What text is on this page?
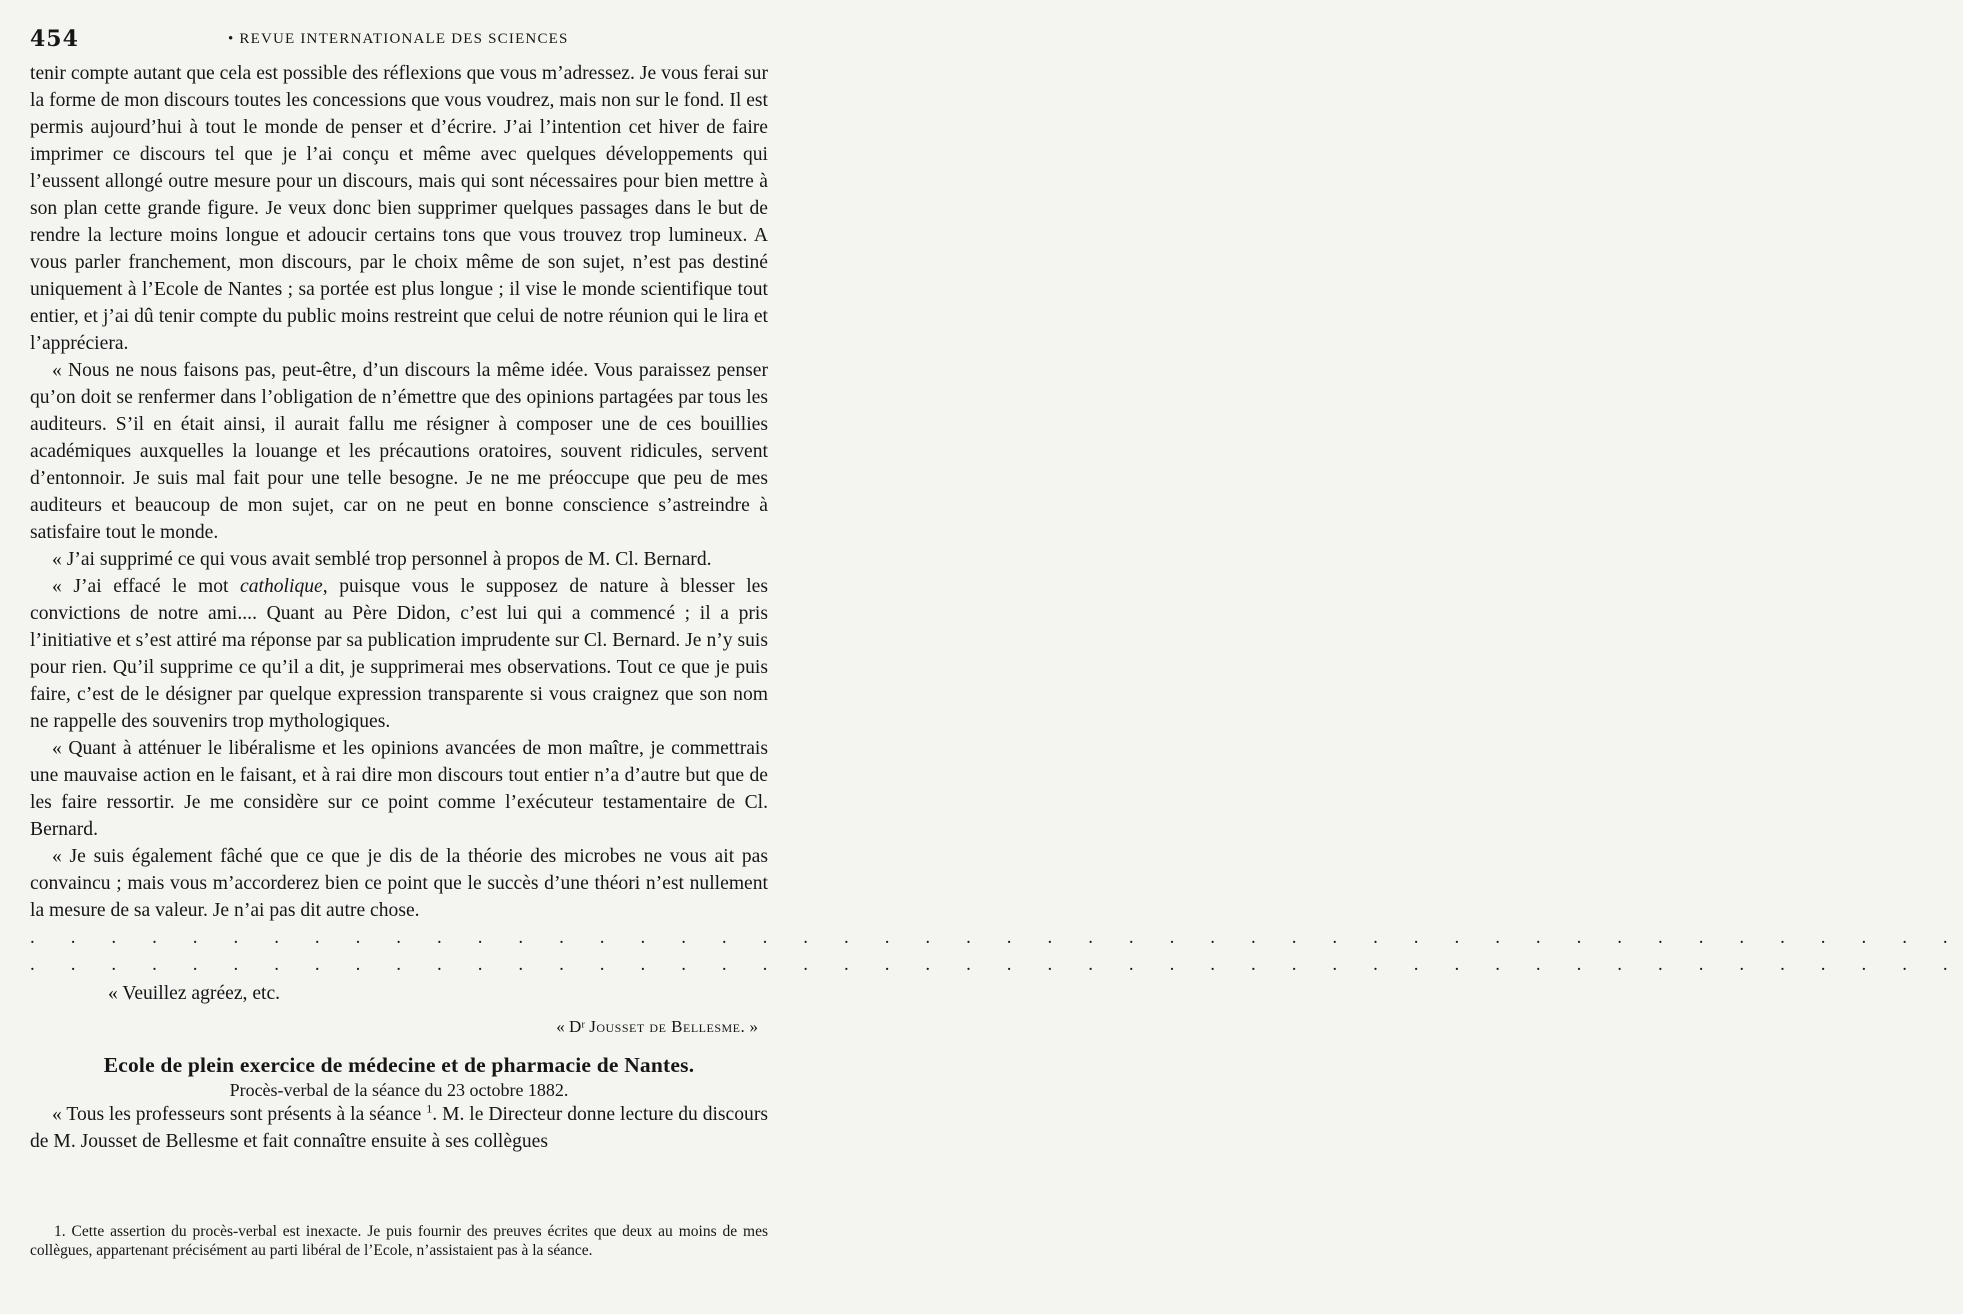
454	• REVUE INTERNATIONALE DES SCIENCES

tenir compte autant que cela est possible des réflexions que vous m’adressez. Je vous ferai sur la forme de mon discours toutes les concessions que vous voudrez, mais non sur le fond. Il est permis aujourd’hui à tout le monde de penser et d’écrire. J’ai l’intention cet hiver de faire imprimer ce discours tel que je l’ai conçu et même avec quelques développements qui l’eussent allongé outre mesure pour un discours, mais qui sont nécessaires pour bien mettre à son plan cette grande figure. Je veux donc bien supprimer quelques passages dans le but de rendre la lecture moins longue et adoucir certains tons que vous trouvez trop lumineux. A vous parler franchement, mon discours, par le choix même de son sujet, n’est pas destiné uniquement à l’Ecole de Nantes ; sa portée est plus longue ; il vise le monde scientifique tout entier, et j’ai dû tenir compte du public moins restreint que celui de notre réunion qui le lira et l’appréciera.

« Nous ne nous faisons pas, peut-être, d’un discours la même idée. Vous paraissez penser qu’on doit se renfermer dans l’obligation de n’émettre que des opinions partagées par tous les auditeurs. S’il en était ainsi, il aurait fallu me résigner à composer une de ces bouillies académiques auxquelles la louange et les précautions oratoires, souvent ridicules, servent d’entonnoir. Je suis mal fait pour une telle besogne. Je ne me préoccupe que peu de mes auditeurs et beaucoup de mon sujet, car on ne peut en bonne conscience s’astreindre à satisfaire tout le monde.

« J’ai supprimé ce qui vous avait semblé trop personnel à propos de M. Cl. Bernard.

« J’ai effacé le mot catholique, puisque vous le supposez de nature à blesser les convictions de notre ami.... Quant au Père Didon, c’est lui qui a commencé ; il a pris l’initiative et s’est attiré ma réponse par sa publication imprudente sur Cl. Bernard. Je n’y suis pour rien. Qu’il supprime ce qu’il a dit, je supprimerai mes observations. Tout ce que je puis faire, c’est de le désigner par quelque expression transparente si vous craignez que son nom ne rappelle des souvenirs trop mythologiques.

« Quant à atténuer le libéralisme et les opinions avancées de mon maître, je commettrais une mauvaise action en le faisant, et à rai dire mon discours tout entier n’a d’autre but que de les faire ressortir. Je me considère sur ce point comme l’exécuteur testamentaire de Cl. Bernard.

« Je suis également fâché que ce que je dis de la théorie des microbes ne vous ait pas convaincu ; mais vous m’accorderez bien ce point que le succès d’une théori n’est nullement la mesure de sa valeur. Je n’ai pas dit autre chose.

. . . . . . . . . . . . . . . . . . . . . . . . . . . . . . . . . . . . . . . . . . . . . . . .
. . . . . . . . . . . . . . . . . . . . . . . . . . . . . . . . . . . . . . . . . . . . . . . .

« Veuillez agréez, etc.

« Dʳ Jousset de Bellesme. »

Ecole de plein exercice de médecine et de pharmacie de Nantes.

Procès-verbal de la séance du 23 octobre 1882.

« Tous les professeurs sont présents à la séance $^1$. M. le Directeur donne lecture du discours de M. Jousset de Bellesme et fait connaître ensuite à ses collègues

1. Cette assertion du procès-verbal est inexacte. Je puis fournir des preuves écrites que deux au moins de mes collègues, appartenant précisément au parti libéral de l’Ecole, n’assistaient pas à la séance.
